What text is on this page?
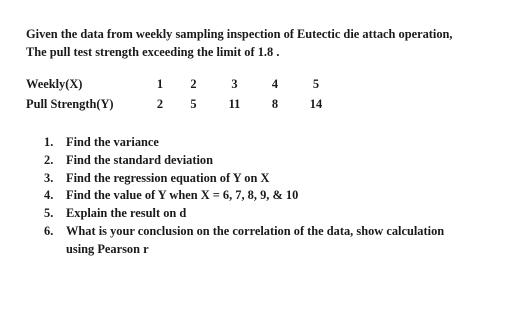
Given the data from weekly sampling inspection of Eutectic die attach operation,
The pull test strength exceeding the limit of 1.8 .
Weekly(X)	1	2	3	4	5
Pull Strength(Y)	2	5	11	8	14
1. Find the variance
2. Find the standard deviation
3. Find the regression equation of Y on X
4. Find the value of Y when X = 6, 7, 8, 9, & 10
5. Explain the result on d
6. What is your conclusion on the correlation of the data, show calculation
using Pearson r
